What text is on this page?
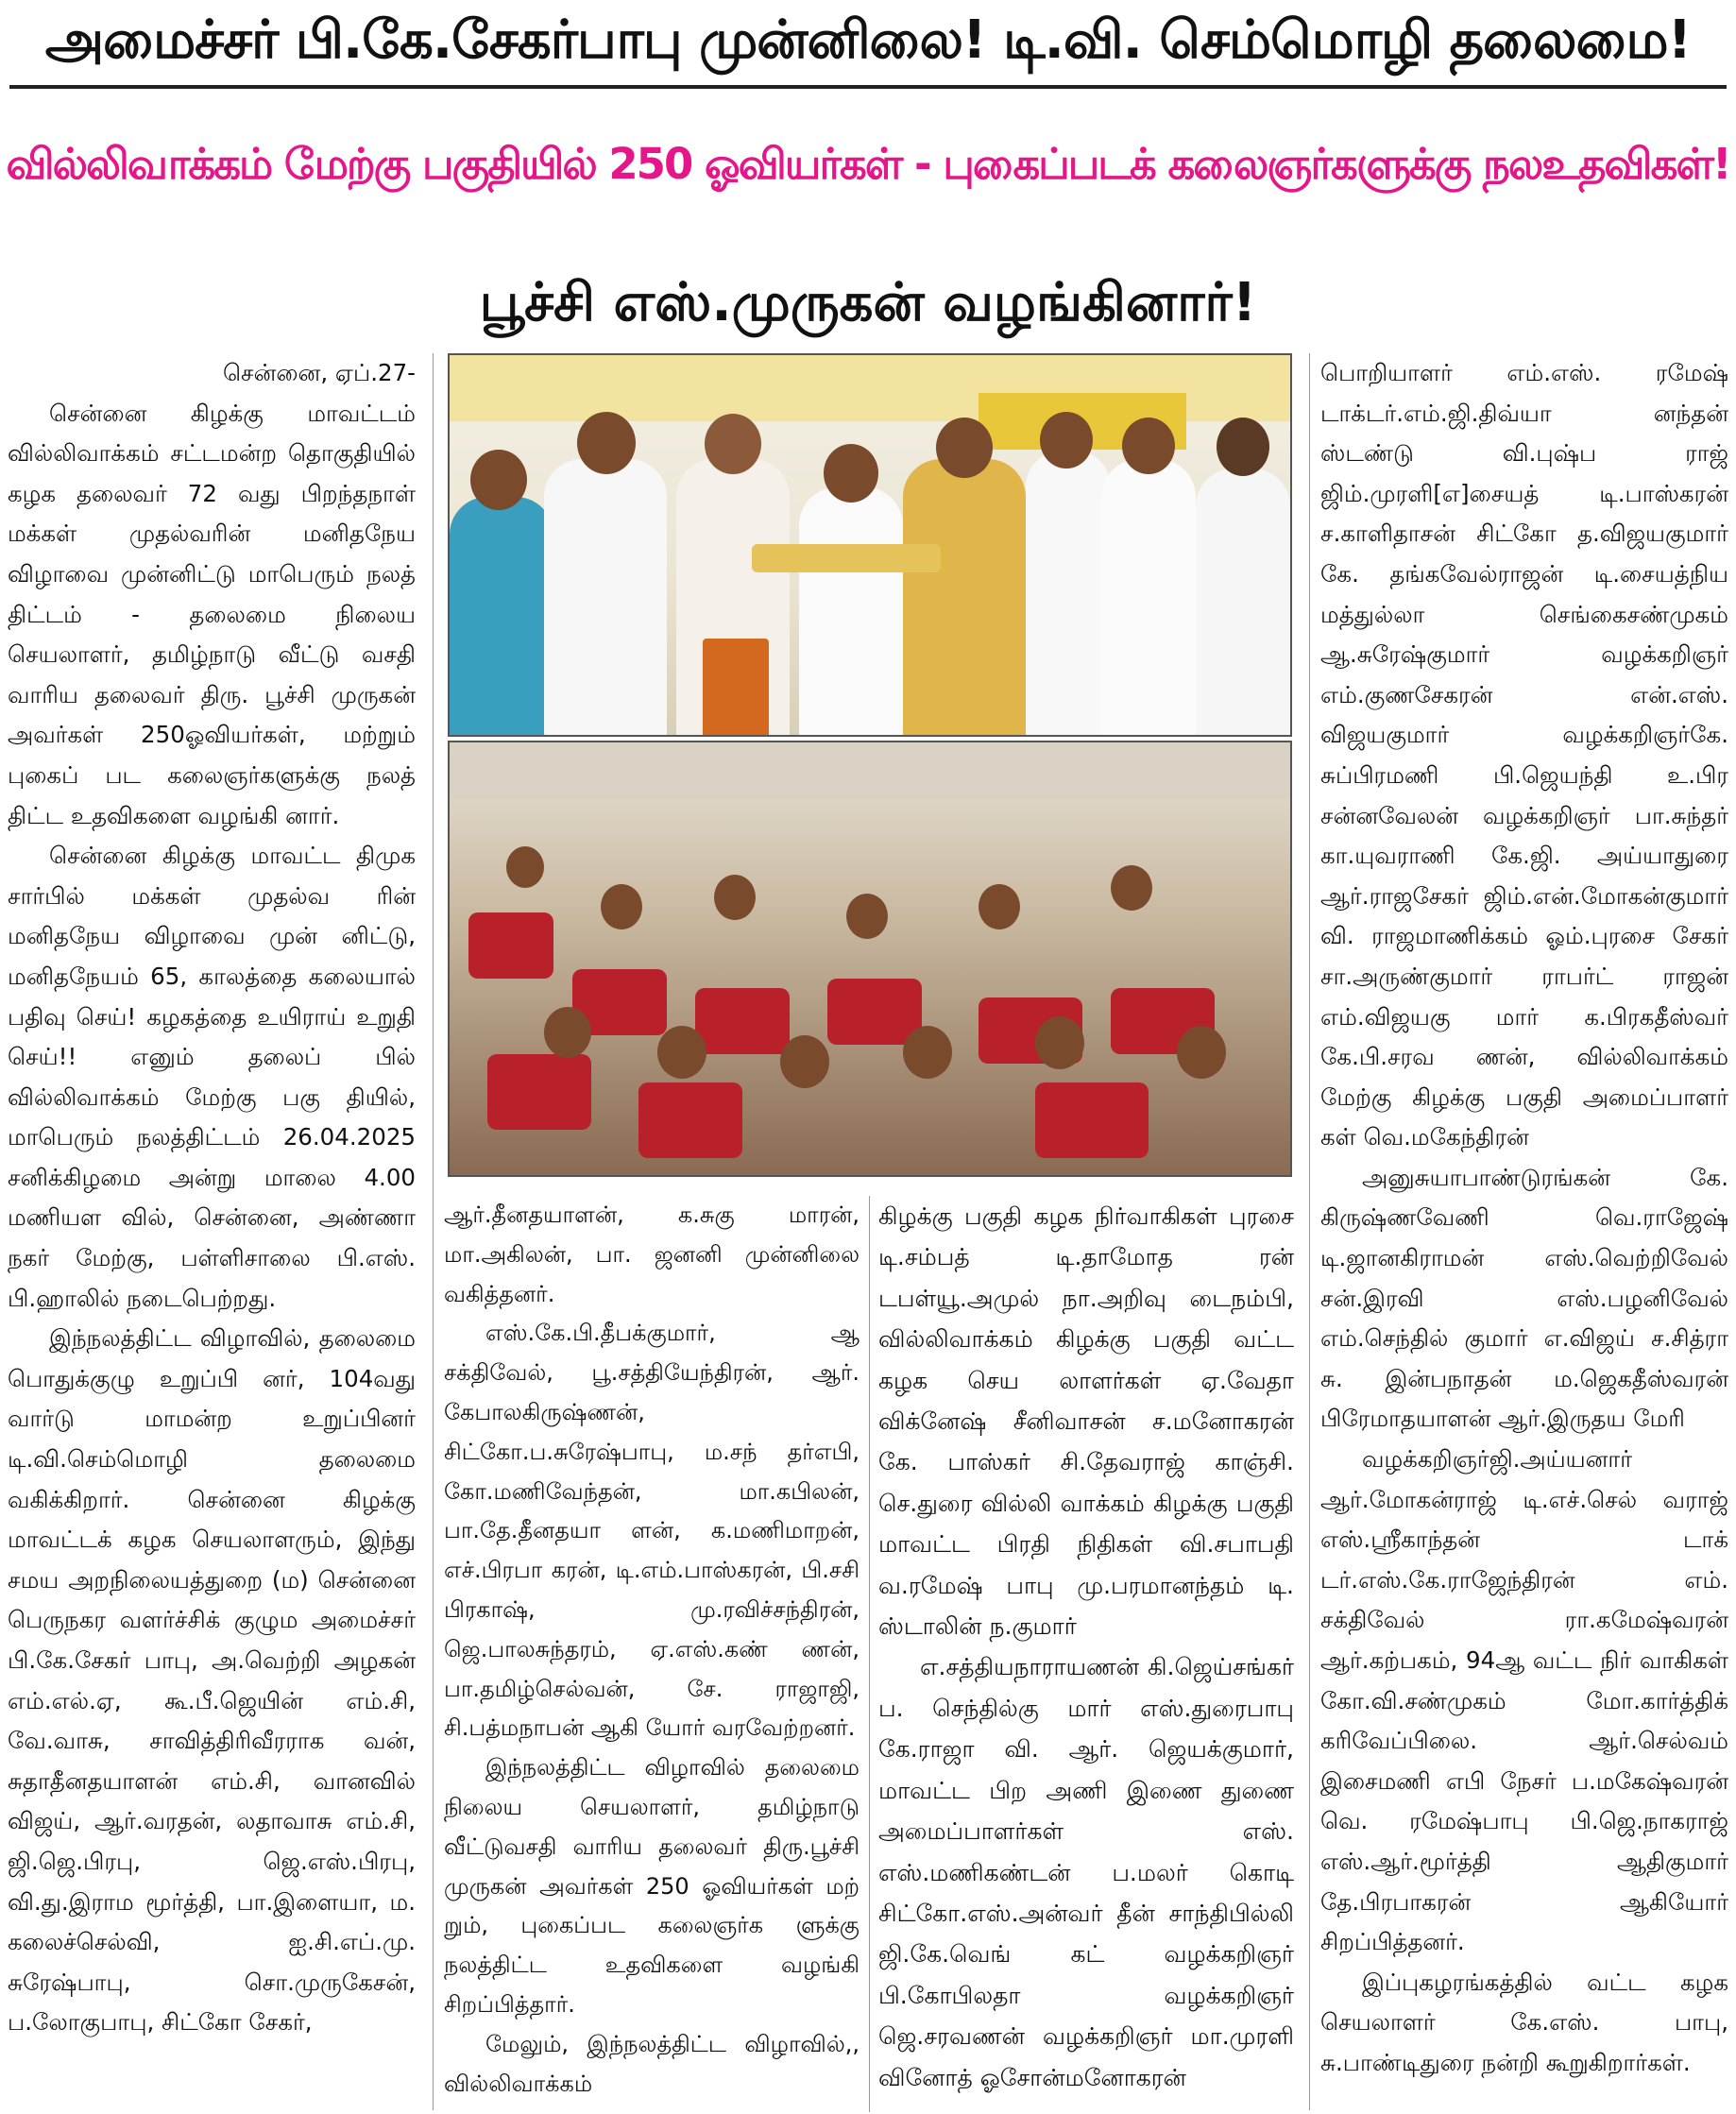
அமைச்சர் பி.கே.சேகர்பாபு முன்னிலை! டி.வி. செம்மொழி தலைமை!
வில்லிவாக்கம் மேற்கு பகுதியில் 250 ஓவியர்கள் - புகைப்படக் கலைஞர்களுக்கு நலஉதவிகள்!
பூச்சி எஸ்.முருகன் வழங்கினார்!

சென்னை, ஏப்.27-

சென்னை கிழக்கு மாவட்டம் வில்லிவாக்கம் சட்டமன்ற தொகுதியில் கழக தலைவர் 72 வது பிறந்தநாள் மக்கள் முதல்வரின் மனிதநேய விழாவை முன்னிட்டு மாபெரும் நலத் திட்டம் - தலைமை நிலைய செயலாளர், தமிழ்நாடு வீட்டு வசதி வாரிய தலைவர் திரு. பூச்சி முருகன் அவர்கள் 250ஓவியர்கள், மற்றும் புகைப் பட கலைஞர்களுக்கு நலத் திட்ட உதவிகளை வழங்கி னார்.

சென்னை கிழக்கு மாவட்ட திமுக சார்பில் மக்கள் முதல்வ ரின் மனிதநேய விழாவை முன் னிட்டு, மனிதநேயம் 65, காலத்தை கலையால் பதிவு செய்! கழகத்தை உயிராய் உறுதி செய்!! எனும் தலைப் பில் வில்லிவாக்கம் மேற்கு பகு தியில், மாபெரும் நலத்திட்டம் 26.04.2025 சனிக்கிழமை அன்று மாலை 4.00 மணியள வில், சென்னை, அண்ணா நகர் மேற்கு, பள்ளிசாலை பி.எஸ். பி.ஹாலில் நடைபெற்றது.

இந்நலத்திட்ட விழாவில், தலைமை பொதுக்குழு உறுப்பி னர், 104வது வார்டு மாமன்ற உறுப்பினர் டி.வி.செம்மொழி தலைமை வகிக்கிறார். சென்னை கிழக்கு மாவட்டக் கழக செயலாளரும், இந்து சமய அறநிலையத்துறை (ம) சென்னை பெருநகர வளர்ச்சிக் குழும அமைச்சர் பி.கே.சேகர் பாபு, அ.வெற்றி அழகன் எம்.எல்.ஏ, கூ.பீ.ஜெயின் எம்.சி, வே.வாசு, சாவித்திரிவீரராக வன், சுதாதீனதயாளன் எம்.சி, வானவில் விஜய், ஆர்.வரதன், லதாவாசு எம்.சி, ஜி.ஜெ.பிரபு, ஜெ.எஸ்.பிரபு, வி.து.இராம மூர்த்தி, பா.இளையா, ம. கலைச்செல்வி, ஐ.சி.எப்.மு. சுரேஷ்பாபு, சொ.முருகேசன், ப.லோகுபாபு, சிட்கோ சேகர்,

ஆர்.தீனதயாளன், க.சுகு மாரன், மா.அகிலன், பா. ஜனனி முன்னிலை வகித்தனர்.

எஸ்.கே.பி.தீபக்குமார், ஆ சக்திவேல், பூ.சத்தியேந்திரன், ஆர். கேபாலகிருஷ்ணன், சிட்கோ.ப.சுரேஷ்பாபு, ம.சந் தர்எபி, கோ.மணிவேந்தன், மா.கபிலன், பா.தே.தீனதயா ளன், க.மணிமாறன், எச்.பிரபா கரன், டி.எம்.பாஸ்கரன், பி.சசி பிரகாஷ், மு.ரவிச்சந்திரன், ஜெ.பாலசுந்தரம், ஏ.எஸ்.கண் ணன், பா.தமிழ்செல்வன், சே. ராஜாஜி, சி.பத்மநாபன் ஆகி யோர் வரவேற்றனர்.

இந்நலத்திட்ட விழாவில் தலைமை நிலைய செயலாளர், தமிழ்நாடு வீட்டுவசதி வாரிய தலைவர் திரு.பூச்சி முருகன் அவர்கள் 250 ஓவியர்கள் மற் றும், புகைப்பட கலைஞர்க ளுக்கு நலத்திட்ட உதவிகளை வழங்கி சிறப்பித்தார்.

மேலும், இந்நலத்திட்ட விழாவில்,, வில்லிவாக்கம்

கிழக்கு பகுதி கழக நிர்வாகிகள் புரசை டி.சம்பத் டி.தாமோத ரன் டபள்யூ.அமுல் நா.அறிவு டைநம்பி, வில்லிவாக்கம் கிழக்கு பகுதி வட்ட கழக செய லாளர்கள் ஏ.வேதா விக்னேஷ் சீனிவாசன் ச.மனோகரன் கே. பாஸ்கர் சி.தேவராஜ் காஞ்சி. செ.துரை வில்லி வாக்கம் கிழக்கு பகுதி மாவட்ட பிரதி நிதிகள் வி.சபாபதி வ.ரமேஷ் பாபு மு.பரமானந்தம் டி. ஸ்டாலின் ந.குமார்

எ.சத்தியநாராயணன் கி.ஜெய்சங்கர் ப. செந்தில்கு மார் எஸ்.துரைபாபு கே.ராஜா வி. ஆர். ஜெயக்குமார், மாவட்ட பிற அணி இணை துணை அமைப்பாளர்கள் எஸ். எஸ்.மணிகண்டன் ப.மலர் கொடி சிட்கோ.எஸ்.அன்வர் தீன் சாந்திபில்லி ஜி.கே.வெங் கட் வழக்கறிஞர் பி.கோபிலதா வழக்கறிஞர் ஜெ.சரவணன் வழக்கறிஞர் மா.முரளி வினோத் ஓசோன்மனோகரன்

பொறியாளர் எம்.எஸ். ரமேஷ் டாக்டர்.எம்.ஜி.திவ்யா னந்தன் ஸ்டண்டு வி.புஷ்ப ராஜ் ஜிம்.முரளி[எ]சையத் டி.பாஸ்கரன் ச.காளிதாசன் சிட்கோ த.விஜயகுமார் கே. தங்கவேல்ராஜன் டி.சையத்நிய மத்துல்லா செங்கைசண்முகம் ஆ.சுரேஷ்குமார் வழக்கறிஞர் எம்.குணசேகரன் என்.எஸ். விஜயகுமார் வழக்கறிஞர்கே. சுப்பிரமணி பி.ஜெயந்தி உ.பிர சன்னவேலன் வழக்கறிஞர் பா.சுந்தர் கா.யுவராணி கே.ஜி. அய்யாதுரை ஆர்.ராஜசேகர் ஜிம்.என்.மோகன்குமார் வி. ராஜமாணிக்கம் ஓம்.புரசை சேகர் சா.அருண்குமார் ராபர்ட் ராஜன் எம்.விஜயகு மார் க.பிரகதீஸ்வர் கே.பி.சரவ ணன், வில்லிவாக்கம் மேற்கு கிழக்கு பகுதி அமைப்பாளர் கள் வெ.மகேந்திரன்

அனுசுயாபாண்டுரங்கன் கே. கிருஷ்ணவேணி வெ.ராஜேஷ் டி.ஜானகிராமன் எஸ்.வெற்றிவேல் சன்.இரவி எஸ்.பழனிவேல் எம்.செந்தில் குமார் எ.விஜய் ச.சித்ரா சு. இன்பநாதன் ம.ஜெகதீஸ்வரன் பிரேமாதயாளன் ஆர்.இருதய மேரி

வழக்கறிஞர்ஜி.அய்யனார் ஆர்.மோகன்ராஜ் டி.எச்.செல் வராஜ் எஸ்.ஸ்ரீகாந்தன் டாக் டர்.எஸ்.கே.ராஜேந்திரன் எம். சக்திவேல் ரா.கமேஷ்வரன் ஆர்.கற்பகம், 94ஆ வட்ட நிர் வாகிகள் கோ.வி.சண்முகம் மோ.கார்த்திக் கரிவேப்பிலை. ஆர்.செல்வம் இசைமணி எபி நேசர் ப.மகேஷ்வரன் வெ. ரமேஷ்பாபு பி.ஜெ.நாகராஜ் எஸ்.ஆர்.மூர்த்தி ஆதிகுமார் தே.பிரபாகரன் ஆகியோர் சிறப்பித்தனர்.

இப்புகழரங்கத்தில் வட்ட கழக செயலாளர் கே.எஸ். பாபு, சு.பாண்டிதுரை நன்றி கூறுகிறார்கள்.
